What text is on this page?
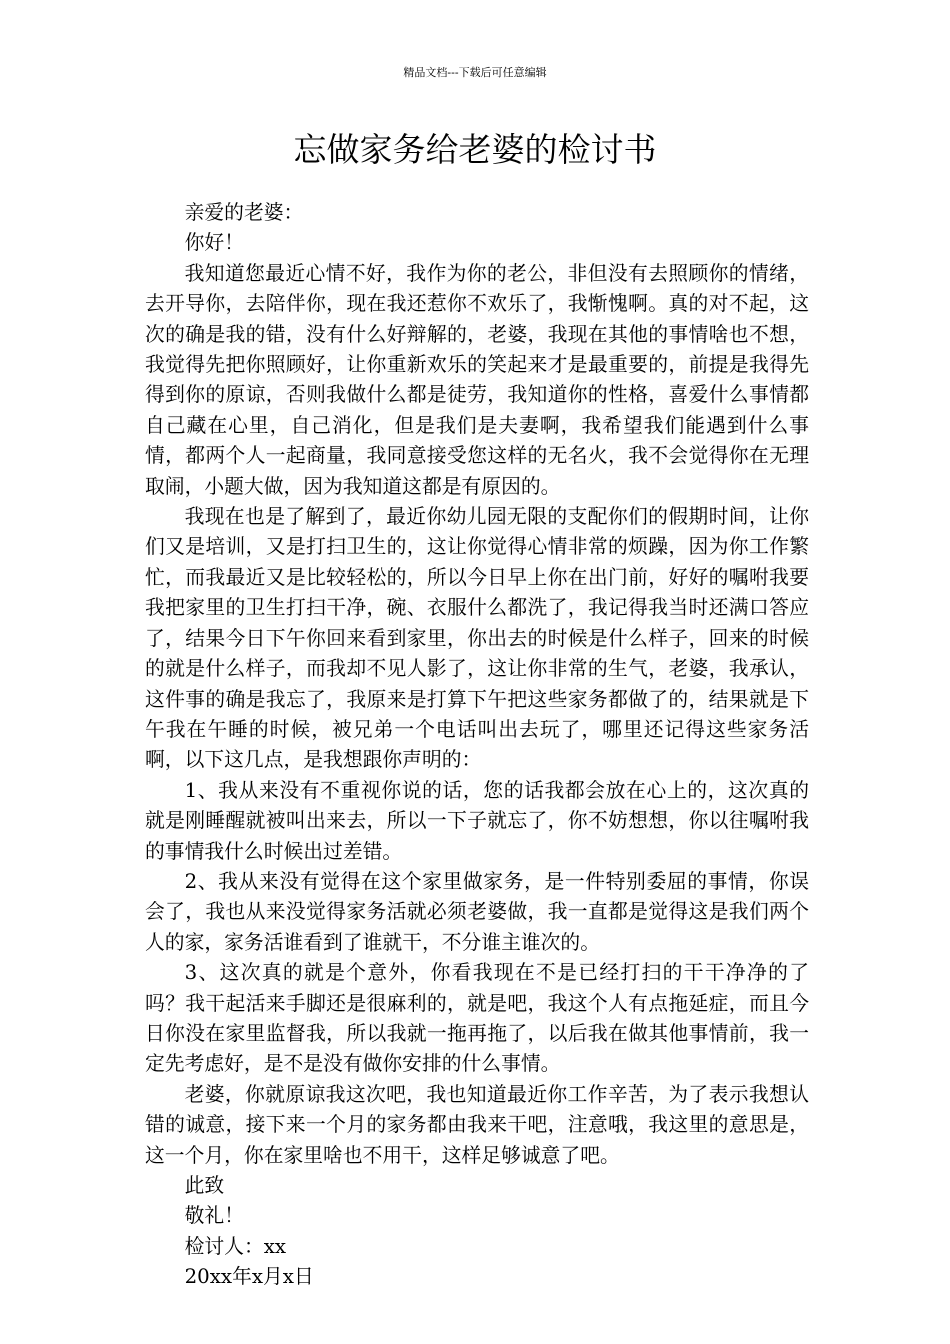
精品文档---下载后可任意编辑
忘做家务给老婆的检讨书

亲爱的老婆：

你好！

我知道您最近心情不好，我作为你的老公，非但没有去照顾你的情绪，去开导你，去陪伴你，现在我还惹你不欢乐了，我惭愧啊。真的对不起，这次的确是我的错，没有什么好辩解的，老婆，我现在其他的事情啥也不想，我觉得先把你照顾好，让你重新欢乐的笑起来才是最重要的，前提是我得先得到你的原谅，否则我做什么都是徒劳，我知道你的性格，喜爱什么事情都自己藏在心里，自己消化，但是我们是夫妻啊，我希望我们能遇到什么事情，都两个人一起商量，我同意接受您这样的无名火，我不会觉得你在无理取闹，小题大做，因为我知道这都是有原因的。

我现在也是了解到了，最近你幼儿园无限的支配你们的假期时间，让你们又是培训，又是打扫卫生的，这让你觉得心情非常的烦躁，因为你工作繁忙，而我最近又是比较轻松的，所以今日早上你在出门前，好好的嘱咐我要我把家里的卫生打扫干净，碗、衣服什么都洗了，我记得我当时还满口答应了，结果今日下午你回来看到家里，你出去的时候是什么样子，回来的时候的就是什么样子，而我却不见人影了，这让你非常的生气，老婆，我承认，这件事的确是我忘了，我原来是打算下午把这些家务都做了的，结果就是下午我在午睡的时候，被兄弟一个电话叫出去玩了，哪里还记得这些家务活啊，以下这几点，是我想跟你声明的：

1、我从来没有不重视你说的话，您的话我都会放在心上的，这次真的就是刚睡醒就被叫出来去，所以一下子就忘了，你不妨想想，你以往嘱咐我的事情我什么时候出过差错。

2、我从来没有觉得在这个家里做家务，是一件特别委屈的事情，你误会了，我也从来没觉得家务活就必须老婆做，我一直都是觉得这是我们两个人的家，家务活谁看到了谁就干，不分谁主谁次的。

3、这次真的就是个意外，你看我现在不是已经打扫的干干净净的了吗？我干起活来手脚还是很麻利的，就是吧，我这个人有点拖延症，而且今日你没在家里监督我，所以我就一拖再拖了，以后我在做其他事情前，我一定先考虑好，是不是没有做你安排的什么事情。

老婆，你就原谅我这次吧，我也知道最近你工作辛苦，为了表示我想认错的诚意，接下来一个月的家务都由我来干吧，注意哦，我这里的意思是，这一个月，你在家里啥也不用干，这样足够诚意了吧。

此致

敬礼！

检讨人：xx

20xx年x月x日
